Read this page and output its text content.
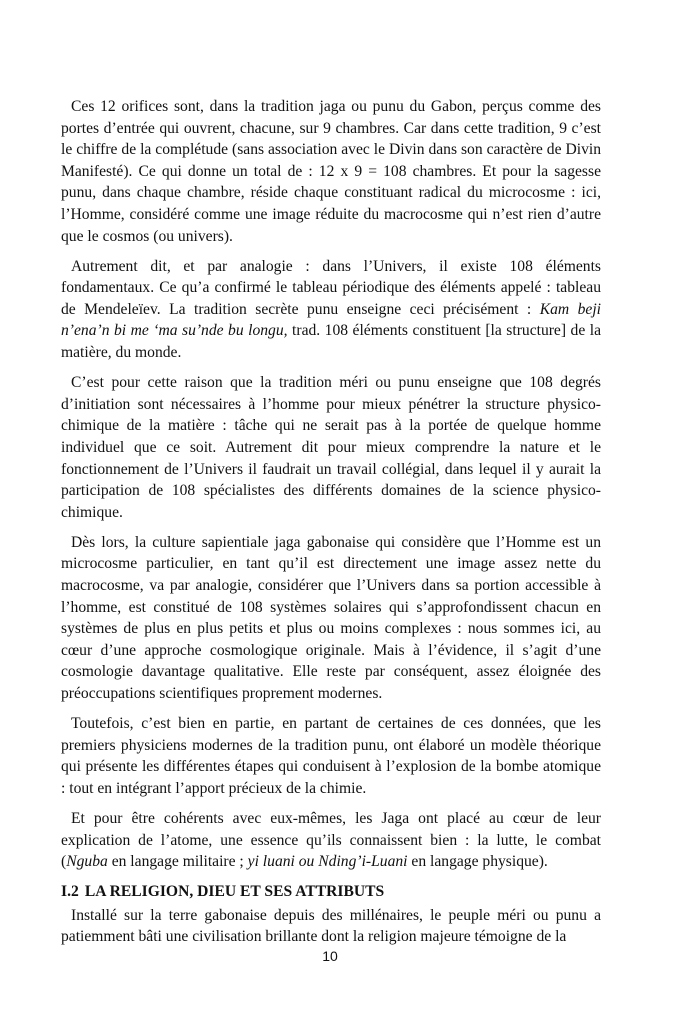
Ces 12 orifices sont, dans la tradition jaga ou punu du Gabon, perçus comme des portes d’entrée qui ouvrent, chacune, sur 9 chambres. Car dans cette tradition, 9 c’est le chiffre de la complétude (sans association avec le Divin dans son caractère de Divin Manifesté). Ce qui donne un total de : 12 x 9 = 108 chambres. Et pour la sagesse punu, dans chaque chambre, réside chaque constituant radical du microcosme : ici, l’Homme, considéré comme une image réduite du macrocosme qui n’est rien d’autre que le cosmos (ou univers).

Autrement dit, et par analogie : dans l’Univers, il existe 108 éléments fondamentaux. Ce qu’a confirmé le tableau périodique des éléments appelé : tableau de Mendeleïev. La tradition secrète punu enseigne ceci précisément : Kam beji n’ena’n bi me ‘ma su’nde bu longu, trad. 108 éléments constituent [la structure] de la matière, du monde.

C’est pour cette raison que la tradition méri ou punu enseigne que 108 degrés d’initiation sont nécessaires à l’homme pour mieux pénétrer la structure physico-chimique de la matière : tâche qui ne serait pas à la portée de quelque homme individuel que ce soit. Autrement dit pour mieux comprendre la nature et le fonctionnement de l’Univers il faudrait un travail collégial, dans lequel il y aurait la participation de 108 spécialistes des différents domaines de la science physico-chimique.

Dès lors, la culture sapientiale jaga gabonaise qui considère que l’Homme est un microcosme particulier, en tant qu’il est directement une image assez nette du macrocosme, va par analogie, considérer que l’Univers dans sa portion accessible à l’homme, est constitué de 108 systèmes solaires qui s’approfondissent chacun en systèmes de plus en plus petits et plus ou moins complexes : nous sommes ici, au cœur d’une approche cosmologique originale. Mais à l’évidence, il s’agit d’une cosmologie davantage qualitative. Elle reste par conséquent, assez éloignée des préoccupations scientifiques proprement modernes.

Toutefois, c’est bien en partie, en partant de certaines de ces données, que les premiers physiciens modernes de la tradition punu, ont élaboré un modèle théorique qui présente les différentes étapes qui conduisent à l’explosion de la bombe atomique : tout en intégrant l’apport précieux de la chimie.

Et pour être cohérents avec eux-mêmes, les Jaga ont placé au cœur de leur explication de l’atome, une essence qu’ils connaissent bien : la lutte, le combat (Nguba en langage militaire ; yi luani ou Nding’i-Luani en langage physique).

I.2 LA RELIGION, DIEU ET SES ATTRIBUTS

Installé sur la terre gabonaise depuis des millénaires, le peuple méri ou punu a patiemment bâti une civilisation brillante dont la religion majeure témoigne de la

10
